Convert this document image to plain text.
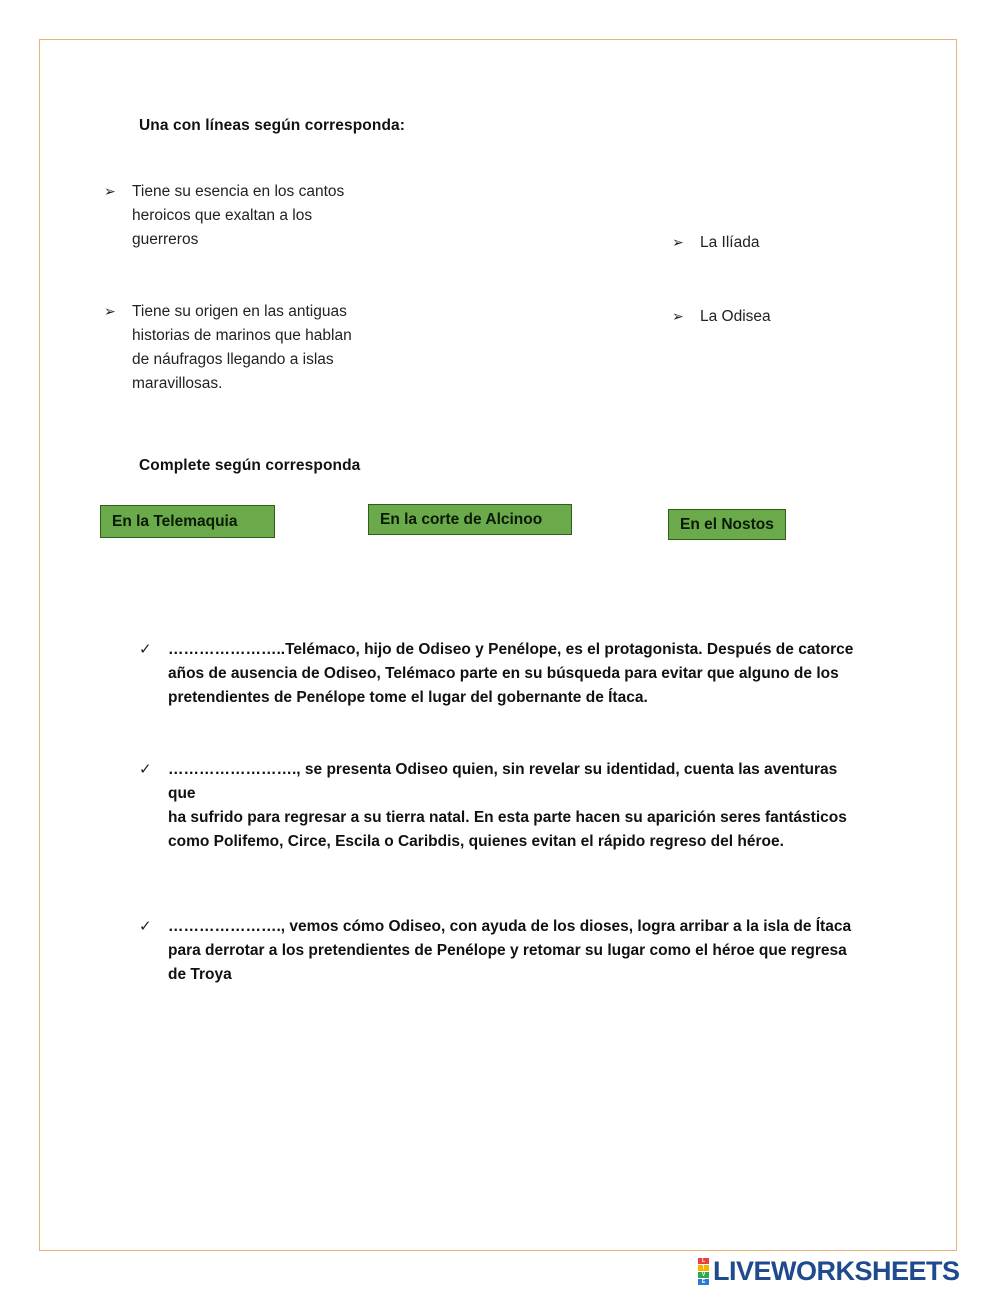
Una con líneas según corresponda:
➢ Tiene su esencia en los cantos
heroicos que exaltan a los
guerreros
➢ Tiene su origen en las antiguas
historias de marinos que hablan
de náufragos llegando a islas
maravillosas.
➢ La Ilíada
➢ La Odisea
Complete según corresponda
En la Telemaquia	En la corte de Alcinoo	En el Nostos
✓ …………………..Telémaco, hijo de Odiseo y Penélope, es el protagonista. Después de catorce
años de ausencia de Odiseo, Telémaco parte en su búsqueda para evitar que alguno de los
pretendientes de Penélope tome el lugar del gobernante de Ítaca.
✓ ……………………., se presenta Odiseo quien, sin revelar su identidad, cuenta las aventuras que
ha sufrido para regresar a su tierra natal. En esta parte hacen su aparición seres fantásticos
como Polifemo, Circe, Escila o Caribdis, quienes evitan el rápido regreso del héroe.
✓ …………………., vemos cómo Odiseo, con ayuda de los dioses, logra arribar a la isla de Ítaca
para derrotar a los pretendientes de Penélope y retomar su lugar como el héroe que regresa
de Troya
L
I
V
E LIVEWORKSHEETS
